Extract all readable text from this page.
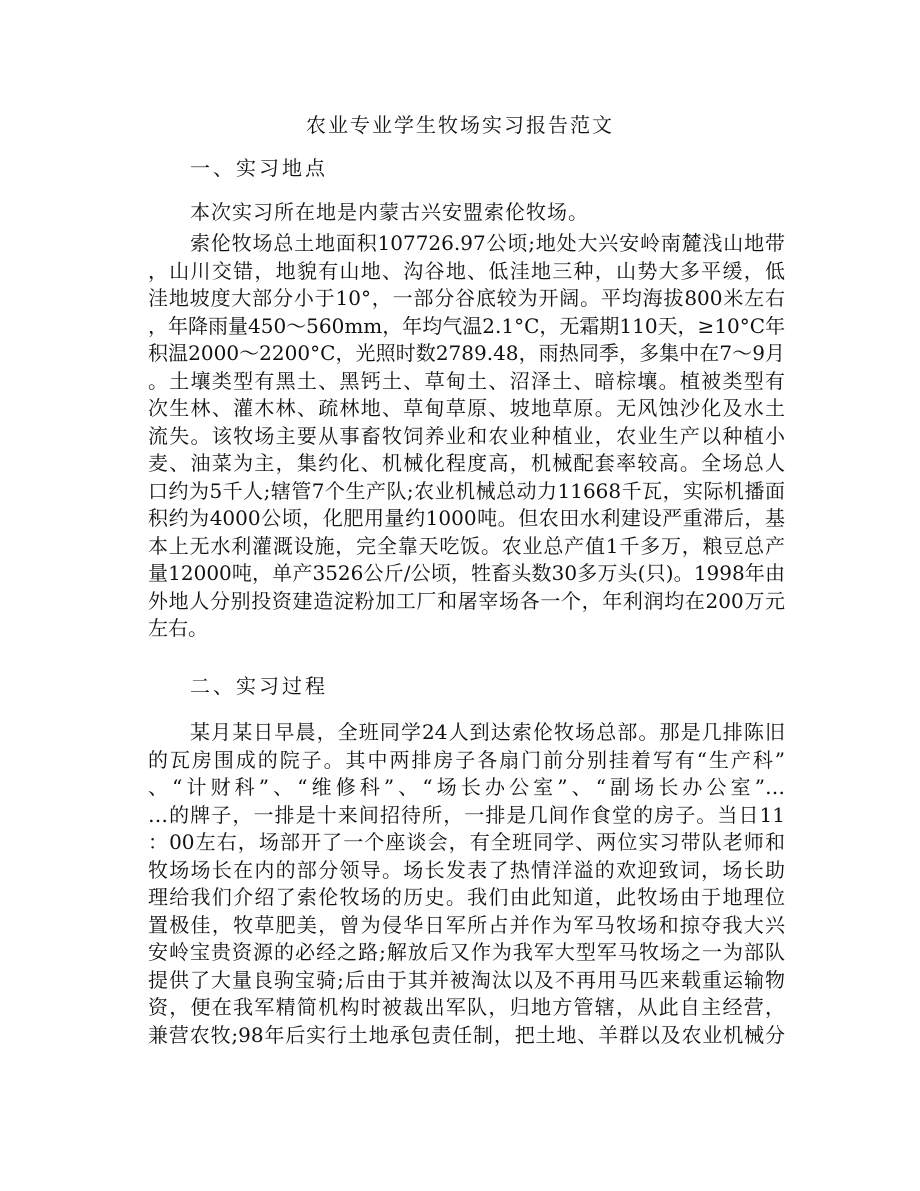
农业专业学生牧场实习报告范文
一、实习地点
本次实习所在地是内蒙古兴安盟索伦牧场。
索伦牧场总土地面积107726.97公顷;地处大兴安岭南麓浅山地带
，山川交错，地貌有山地、沟谷地、低洼地三种，山势大多平缓，低
洼地坡度大部分小于10°，一部分谷底较为开阔。平均海拔800米左右
，年降雨量450～560mm，年均气温2.1°C，无霜期110天，≥10°C年
积温2000～2200°C，光照时数2789.48，雨热同季，多集中在7～9月
。土壤类型有黑土、黑钙土、草甸土、沼泽土、暗棕壤。植被类型有
次生林、灌木林、疏林地、草甸草原、坡地草原。无风蚀沙化及水土
流失。该牧场主要从事畜牧饲养业和农业种植业，农业生产以种植小
麦、油菜为主，集约化、机械化程度高，机械配套率较高。全场总人
口约为5千人;辖管7个生产队;农业机械总动力11668千瓦，实际机播面
积约为4000公顷，化肥用量约1000吨。但农田水利建设严重滞后，基
本上无水利灌溉设施，完全靠天吃饭。农业总产值1千多万，粮豆总产
量12000吨，单产3526公斤/公顷，牲畜头数30多万头(只)。1998年由
外地人分别投资建造淀粉加工厂和屠宰场各一个，年利润均在200万元
左右。
二、实习过程
某月某日早晨，全班同学24人到达索伦牧场总部。那是几排陈旧
的瓦房围成的院子。其中两排房子各扇门前分别挂着写有“生产科”
、“计财科”、“维修科”、“场长办公室”、“副场长办公室”…
…的牌子，一排是十来间招待所，一排是几间作食堂的房子。当日11
：00左右，场部开了一个座谈会，有全班同学、两位实习带队老师和
牧场场长在内的部分领导。场长发表了热情洋溢的欢迎致词，场长助
理给我们介绍了索伦牧场的历史。我们由此知道，此牧场由于地理位
置极佳，牧草肥美，曾为侵华日军所占并作为军马牧场和掠夺我大兴
安岭宝贵资源的必经之路;解放后又作为我军大型军马牧场之一为部队
提供了大量良驹宝骑;后由于其并被淘汰以及不再用马匹来载重运输物
资，便在我军精简机构时被裁出军队，归地方管辖，从此自主经营，
兼营农牧;98年后实行土地承包责任制，把土地、羊群以及农业机械分
